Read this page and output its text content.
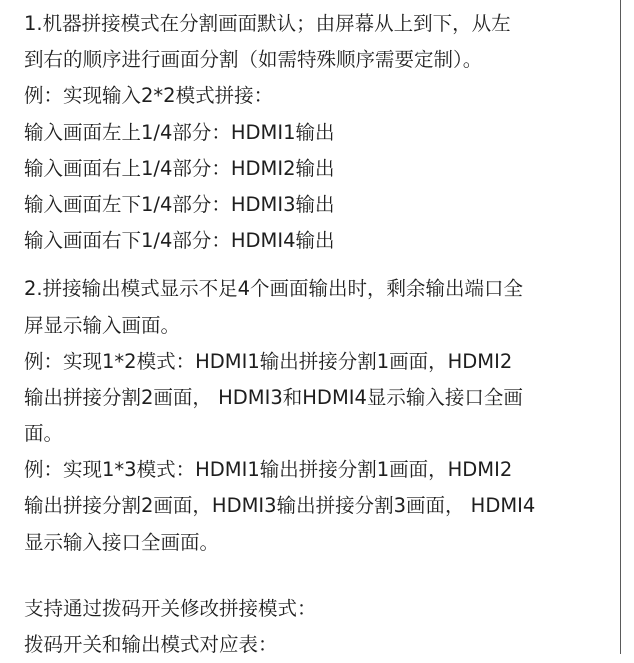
1.机器拼接模式在分割画面默认；由屏幕从上到下，从左
到右的顺序进行画面分割（如需特殊顺序需要定制）。
例：实现输入2*2模式拼接：
输入画面左上1/4部分：HDMI1输出
输入画面右上1/4部分：HDMI2输出
输入画面左下1/4部分：HDMI3输出
输入画面右下1/4部分：HDMI4输出
2.拼接输出模式显示不足4个画面输出时，剩余输出端口全
屏显示输入画面。
例：实现1*2模式：HDMI1输出拼接分割1画面，HDMI2
输出拼接分割2画面， HDMI3和HDMI4显示输入接口全画
面。
例：实现1*3模式：HDMI1输出拼接分割1画面，HDMI2
输出拼接分割2画面，HDMI3输出拼接分割3画面， HDMI4
显示输入接口全画面。
支持通过拨码开关修改拼接模式：
拨码开关和输出模式对应表：
